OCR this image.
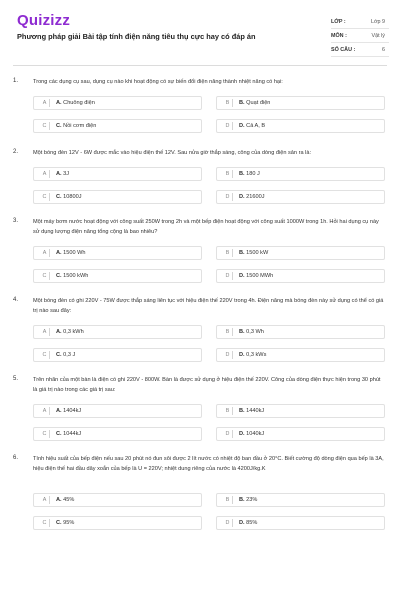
Quizizz
Phương pháp giải Bài tập tính điện năng tiêu thụ cực hay có đáp án
LỚP :	Lớp 9
MÔN :	Vật lý
SỐ CÂU :	6
1.	Trong các dụng cụ sau, dụng cụ nào khi hoạt động có sự biến đổi điện năng thành nhiệt năng có hại:
A	A. Chuông điện	B	B. Quạt điện
C	C. Nồi cơm điện	D	D. Cả A, B
2.	Một bóng đèn 12V - 6W được mắc vào hiệu điện thế 12V. Sau nửa giờ thắp sáng, công của dòng điện sản ra là:
A	A. 3J	B	B. 180 J
C	C. 10800J	D	D. 21600J
3.	Một máy bơm nước hoạt động với công suất 250W trong 2h và một bếp điện hoạt động với công suất 1000W trong 1h. Hỏi hai dụng cụ này sử dụng lượng điện năng tổng cộng là bao nhiêu?
A	A. 1500 Wh	B	B. 1500 kW
C	C. 1500 kWh	D	D. 1500 MWh
4.	Một bóng đèn có ghi 220V - 75W được thắp sáng liên tục với hiệu điện thế 220V trong 4h. Điện năng mà bóng đèn này sử dụng có thể có giá trị nào sau đây:
A	A. 0,3 kWh	B	B. 0,3 Wh
C	C. 0,3 J	D	D. 0,3 kWs
5.	Trên nhãn của một bàn là điện có ghi 220V - 800W. Bàn là được sử dụng ở hiệu điện thế 220V. Công của dòng điện thực hiện trong 30 phút là giá trị nào trong các giá trị sau:
A	A. 1404kJ	B	B. 1440kJ
C	C. 1044kJ	D	D. 1040kJ
6.	Tính hiệu suất của bếp điện nếu sau 20 phút nó đun sôi được 2 lít nước có nhiệt độ ban đầu ở 20°C. Biết cường độ dòng điện qua bếp là 3A, hiệu điện thế hai đầu dây xoắn của bếp là U = 220V; nhiệt dung riêng của nước là 4200J/kg.K
A	A. 45%	B	B. 23%
C	C. 95%	D	D. 85%
